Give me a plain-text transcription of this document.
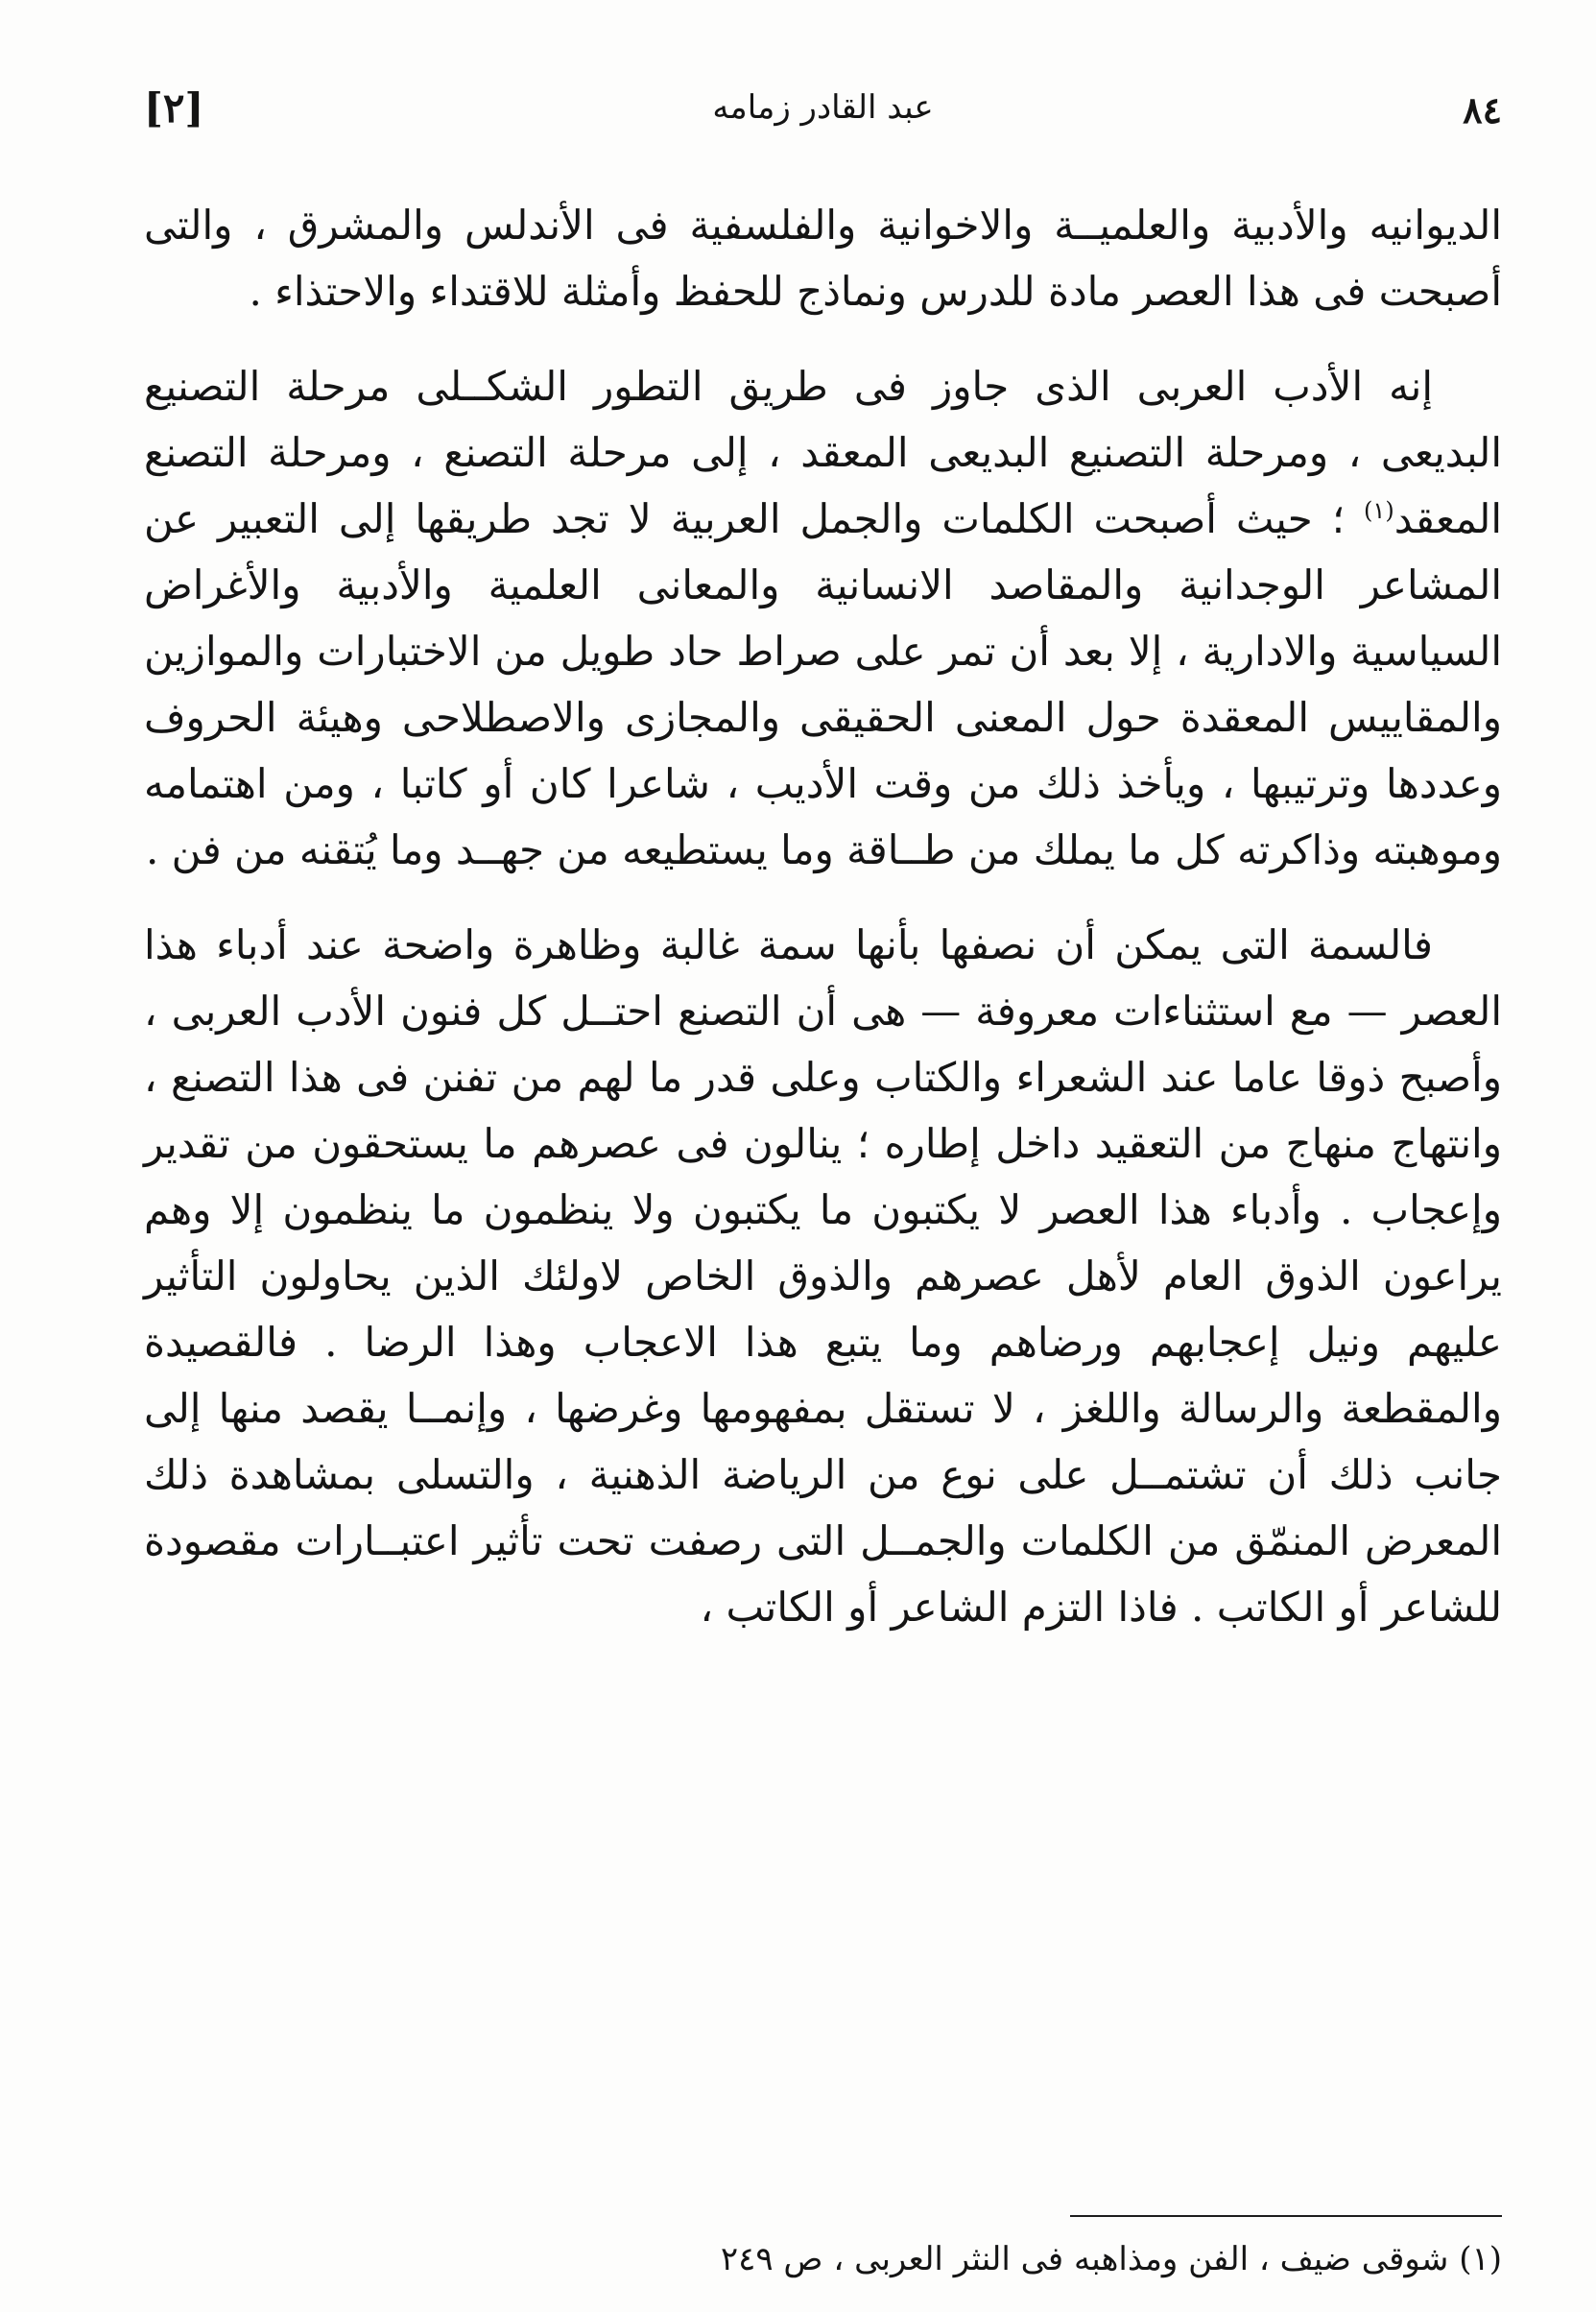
٨٤
عبد القادر زمامه
[٢]

الديوانيه والأدبية والعلميــة والاخوانية والفلسفية فى الأندلس والمشرق ، والتى أصبحت فى هذا العصر مادة للدرس ونماذج للحفظ وأمثلة للاقتداء والاحتذاء .

إنه الأدب العربى الذى جاوز فى طريق التطور الشكــلى مرحلة التصنيع البديعى ، ومرحلة التصنيع البديعى المعقد ، إلى مرحلة التصنع ، ومرحلة التصنع المعقد$^{(١)}$ ؛ حيث أصبحت الكلمات والجمل العربية لا تجد طريقها إلى التعبير عن المشاعر الوجدانية والمقاصد الانسانية والمعانى العلمية والأدبية والأغراض السياسية والادارية ، إلا بعد أن تمر على صراط حاد طويل من الاختبارات والموازين والمقاييس المعقدة حول المعنى الحقيقى والمجازى والاصطلاحى وهيئة الحروف وعددها وترتيبها ، ويأخذ ذلك من وقت الأديب ، شاعرا كان أو كاتبا ، ومن اهتمامه وموهبته وذاكرته كل ما يملك من طــاقة وما يستطيعه من جهــد وما يُتقنه من فن .

فالسمة التى يمكن أن نصفها بأنها سمة غالبة وظاهرة واضحة عند أدباء هذا العصر — مع استثناءات معروفة — هى أن التصنع احتــل كل فنون الأدب العربى ، وأصبح ذوقا عاما عند الشعراء والكتاب وعلى قدر ما لهم من تفنن فى هذا التصنع ، وانتهاج منهاج من التعقيد داخل إطاره ؛ ينالون فى عصرهم ما يستحقون من تقدير وإعجاب . وأدباء هذا العصر لا يكتبون ما يكتبون ولا ينظمون ما ينظمون إلا وهم يراعون الذوق العام لأهل عصرهم والذوق الخاص لاولئك الذين يحاولون التأثير عليهم ونيل إعجابهم ورضاهم وما يتبع هذا الاعجاب وهذا الرضا . فالقصيدة والمقطعة والرسالة واللغز ، لا تستقل بمفهومها وغرضها ، وإنمــا يقصد منها إلى جانب ذلك أن تشتمــل على نوع من الرياضة الذهنية ، والتسلى بمشاهدة ذلك المعرض المنمّق من الكلمات والجمــل التى رصفت تحت تأثير اعتبــارات مقصودة للشاعر أو الكاتب . فاذا التزم الشاعر أو الكاتب ،

(١) شوقى ضيف ، الفن ومذاهبه فى النثر العربى ، ص ٢٤٩
